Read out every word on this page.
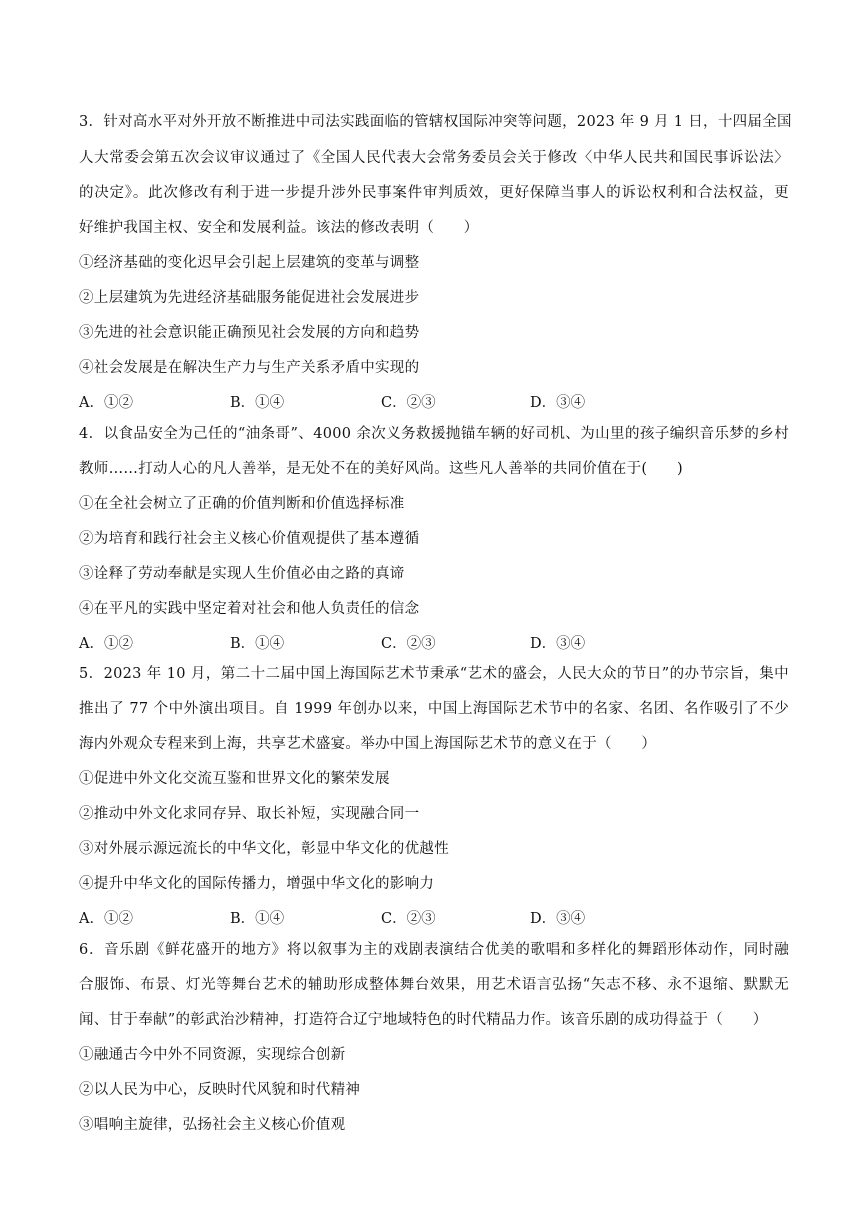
3．针对高水平对外开放不断推进中司法实践面临的管辖权国际冲突等问题，2023 年 9 月 1 日，十四届全国
人大常委会第五次会议审议通过了《全国人民代表大会常务委员会关于修改〈中华人民共和国民事诉讼法〉
的决定》。此次修改有利于进一步提升涉外民事案件审判质效，更好保障当事人的诉讼权利和合法权益，更
好维护我国主权、安全和发展利益。该法的修改表明（　　）
①经济基础的变化迟早会引起上层建筑的变革与调整
②上层建筑为先进经济基础服务能促进社会发展进步
③先进的社会意识能正确预见社会发展的方向和趋势
④社会发展是在解决生产力与生产关系矛盾中实现的
A．①②	B．①④	C．②③	D．③④
4．以食品安全为己任的“油条哥”、4000 余次义务救援抛锚车辆的好司机、为山里的孩子编织音乐梦的乡村
教师……打动人心的凡人善举，是无处不在的美好风尚。这些凡人善举的共同价值在于(　　)
①在全社会树立了正确的价值判断和价值选择标准
②为培育和践行社会主义核心价值观提供了基本遵循
③诠释了劳动奉献是实现人生价值必由之路的真谛
④在平凡的实践中坚定着对社会和他人负责任的信念
A．①②	B．①④	C．②③	D．③④
5．2023 年 10 月，第二十二届中国上海国际艺术节秉承“艺术的盛会，人民大众的节日”的办节宗旨，集中
推出了 77 个中外演出项目。自 1999 年创办以来，中国上海国际艺术节中的名家、名团、名作吸引了不少
海内外观众专程来到上海，共享艺术盛宴。举办中国上海国际艺术节的意义在于（　　）
①促进中外文化交流互鉴和世界文化的繁荣发展
②推动中外文化求同存异、取长补短，实现融合同一
③对外展示源远流长的中华文化，彰显中华文化的优越性
④提升中华文化的国际传播力，增强中华文化的影响力
A．①②	B．①④	C．②③	D．③④
6．音乐剧《鲜花盛开的地方》将以叙事为主的戏剧表演结合优美的歌唱和多样化的舞蹈形体动作，同时融
合服饰、布景、灯光等舞台艺术的辅助形成整体舞台效果，用艺术语言弘扬“矢志不移、永不退缩、默默无
闻、甘于奉献”的彰武治沙精神，打造符合辽宁地域特色的时代精品力作。该音乐剧的成功得益于（　　）
①融通古今中外不同资源，实现综合创新
②以人民为中心，反映时代风貌和时代精神
③唱响主旋律，弘扬社会主义核心价值观
